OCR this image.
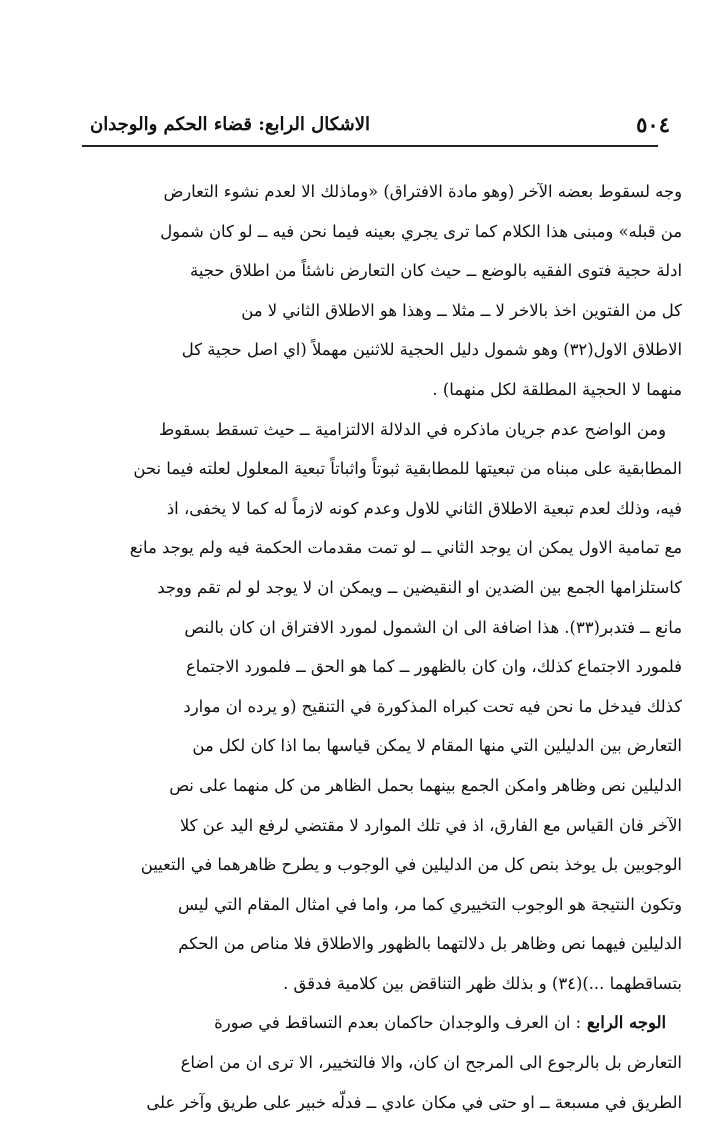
٥٠٤
الاشكال الرابع: قضاء الحكم والوجدان
وجه لسقوط بعضه الآخر (وهو مادة الافتراق) «وماذلك الا لعدم نشوء التعارض
من قبله» ومبنى هذا الكلام كما ترى يجري بعينه فيما نحن فيه ــ لو كان شمول
ادلة حجية فتوى الفقيه بالوضع ــ حيث كان التعارض ناشئاً من اطلاق حجية
كل من الفتوين اخذ بالاخر لا ــ مثلا ــ وهذا هو الاطلاق الثاني لا من
الاطلاق الاول(٣٢) وهو شمول دليل الحجية للاثنين مهملاً (اي اصل حجية كل
منهما لا الحجية المطلقة لكل منهما) .
ومن الواضح عدم جريان ماذكره في الدلالة الالتزامية ــ حيث تسقط بسقوط
المطابقية على مبناه من تبعيتها للمطابقية ثبوتاً واثباتاً تبعية المعلول لعلته فيما نحن
فيه، وذلك لعدم تبعية الاطلاق الثاني للاول وعدم كونه لازماً له كما لا يخفى، اذ
مع تمامية الاول يمكن ان يوجد الثاني ــ لو تمت مقدمات الحكمة فيه ولم يوجد مانع
كاستلزامها الجمع بين الضدين او النقيضين ــ ويمكن ان لا يوجد لو لم تقم ووجد
مانع ــ فتدبر(٣٣). هذا اضافة الى ان الشمول لمورد الافتراق ان كان بالنص
فلمورد الاجتماع كذلك، وان كان بالظهور ــ كما هو الحق ــ فلمورد الاجتماع
كذلك فيدخل ما نحن فيه تحت كبراه المذكورة في التنقيح (و يرده ان موارد
التعارض بين الدليلين التي منها المقام لا يمكن قياسها بما اذا كان لكل من
الدليلين نص وظاهر وامكن الجمع بينهما بحمل الظاهر من كل منهما على نص
الآخر فان القياس مع الفارق، اذ في تلك الموارد لا مقتضي لرفع اليد عن كلا
الوجوبين بل يوخذ بنص كل من الدليلين في الوجوب و يطرح ظاهرهما في التعيين
وتكون النتيجة هو الوجوب التخييري كما مر، واما في امثال المقام التي ليس
الدليلين فيهما نص وظاهر بل دلالتهما بالظهور والاطلاق فلا مناص من الحكم
بتساقطهما ...)(٣٤) و بذلك ظهر التناقض بين كلامية فدقق .
الوجه الرابع : ان العرف والوجدان حاكمان بعدم التساقط في صورة
التعارض بل بالرجوع الى المرجح ان كان، والا فالتخيير، الا ترى ان من اضاع
الطريق في مسبعة ــ او حتى في مكان عادي ــ فدلّه خبير على طريق وآخر على
